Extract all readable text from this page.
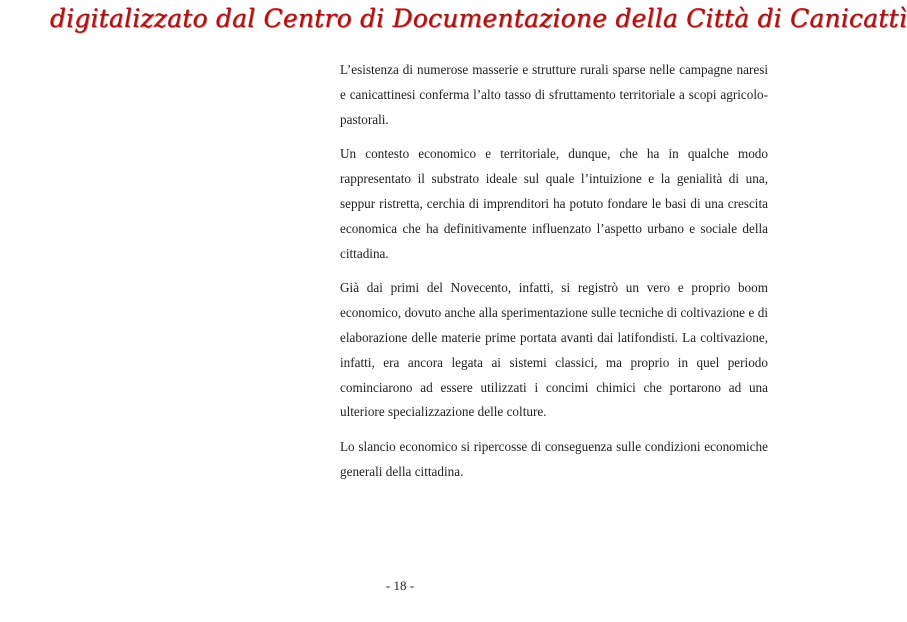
digitalizzato dal Centro di Documentazione della Città di Canicattì

L’esistenza di numerose masserie e strutture rurali sparse nelle campagne naresi e canicattinesi conferma l’alto tasso di sfruttamento territoriale a scopi agricolo-pastorali.

Un contesto economico e territoriale, dunque, che ha in qualche modo rappresentato il substrato ideale sul quale l’intuizione e la genialità di una, seppur ristretta, cerchia di imprenditori ha potuto fondare le basi di una crescita economica che ha definitivamente influenzato l’aspetto urbano e sociale della cittadina.

Già dai primi del Novecento, infatti, si registrò un vero e proprio boom economico, dovuto anche alla sperimentazione sulle tecniche di coltivazione e di elaborazione delle materie prime portata avanti dai latifondisti. La coltivazione, infatti, era ancora legata ai sistemi classici, ma proprio in quel periodo cominciarono ad essere utilizzati i concimi chimici che portarono ad una ulteriore specializzazione delle colture.

Lo slancio economico si ripercosse di conseguenza sulle condizioni economiche generali della cittadina.

- 18 -
